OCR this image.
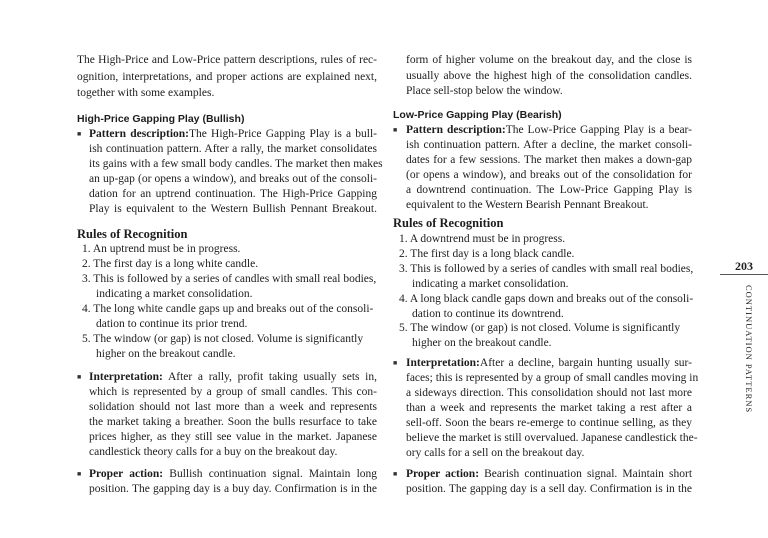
The High-Price and Low-Price pattern descriptions, rules of rec-
ognition, interpretations, and proper actions are explained next,
together with some examples.
High-Price Gapping Play (Bullish)
■ Pattern description:The High-Price Gapping Play is a bull-
ish continuation pattern. After a rally, the market consolidates
its gains with a few small body candles. The market then makes
an up-gap (or opens a window), and breaks out of the consoli-
dation for an uptrend continuation. The High-Price Gapping
Play is equivalent to the Western Bullish Pennant Breakout.
Rules of Recognition
1. An uptrend must be in progress.
2. The first day is a long white candle.
3. This is followed by a series of candles with small real bodies,
indicating a market consolidation.
4. The long white candle gaps up and breaks out of the consoli-
dation to continue its prior trend.
5. The window (or gap) is not closed. Volume is significantly
higher on the breakout candle.
■ Interpretation: After a rally, profit taking usually sets in,
which is represented by a group of small candles. This con-
solidation should not last more than a week and represents
the market taking a breather. Soon the bulls resurface to take
prices higher, as they still see value in the market. Japanese
candlestick theory calls for a buy on the breakout day.
■ Proper action: Bullish continuation signal. Maintain long
position. The gapping day is a buy day. Confirmation is in the
form of higher volume on the breakout day, and the close is
usually above the highest high of the consolidation candles.
Place sell-stop below the window.
Low-Price Gapping Play (Bearish)
■ Pattern description:The Low-Price Gapping Play is a bear-
ish continuation pattern. After a decline, the market consoli-
dates for a few sessions. The market then makes a down-gap
(or opens a window), and breaks out of the consolidation for
a downtrend continuation. The Low-Price Gapping Play is
equivalent to the Western Bearish Pennant Breakout.
Rules of Recognition
1. A downtrend must be in progress.
2. The first day is a long black candle.
3. This is followed by a series of candles with small real bodies,
indicating a market consolidation.
4. A long black candle gaps down and breaks out of the consoli-
dation to continue its downtrend.
5. The window (or gap) is not closed. Volume is significantly
higher on the breakout candle.
■ Interpretation:After a decline, bargain hunting usually sur-
faces; this is represented by a group of small candles moving in
a sideways direction. This consolidation should not last more
than a week and represents the market taking a rest after a
sell-off. Soon the bears re-emerge to continue selling, as they
believe the market is still overvalued. Japanese candlestick the-
ory calls for a sell on the breakout day.
■ Proper action: Bearish continuation signal. Maintain short
position. The gapping day is a sell day. Confirmation is in the
203
CONTINUATION PATTERNS
